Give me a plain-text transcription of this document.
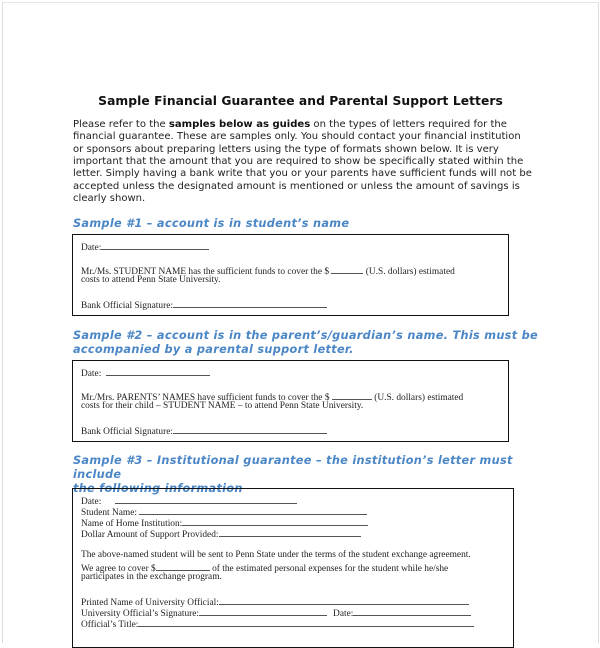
Sample Financial Guarantee and Parental Support Letters
Please refer to the samples below as guides on the types of letters required for the
financial guarantee. These are samples only. You should contact your financial institution
or sponsors about preparing letters using the type of formats shown below. It is very
important that the amount that you are required to show be specifically stated within the
letter. Simply having a bank write that you or your parents have sufficient funds will not be
accepted unless the designated amount is mentioned or unless the amount of savings is
clearly shown.
Sample #1 – account is in student’s name
Date:
Mr./Ms. STUDENT NAME has the sufficient funds to cover the $	(U.S. dollars) estimated
costs to attend Penn State University.
Bank Official Signature:
Sample #2 – account is in the parent’s/guardian’s name. This must be
accompanied by a parental support letter.
Date:
Mr./Mrs. PARENTS’ NAMES have sufficient funds to cover the $	(U.S. dollars) estimated
costs for their child – STUDENT NAME – to attend Penn State University.
Bank Official Signature:
Sample #3 – Institutional guarantee – the institution’s letter must include
the following information
Date:
Student Name:
Name of Home Institution:
Dollar Amount of Support Provided:
The above-named student will be sent to Penn State under the terms of the student exchange agreement.
We agree to cover $	of the estimated personal expenses for the student while he/she
participates in the exchange program.
Printed Name of University Official:
University Official’s Signature:	Date:
Official’s Title:
